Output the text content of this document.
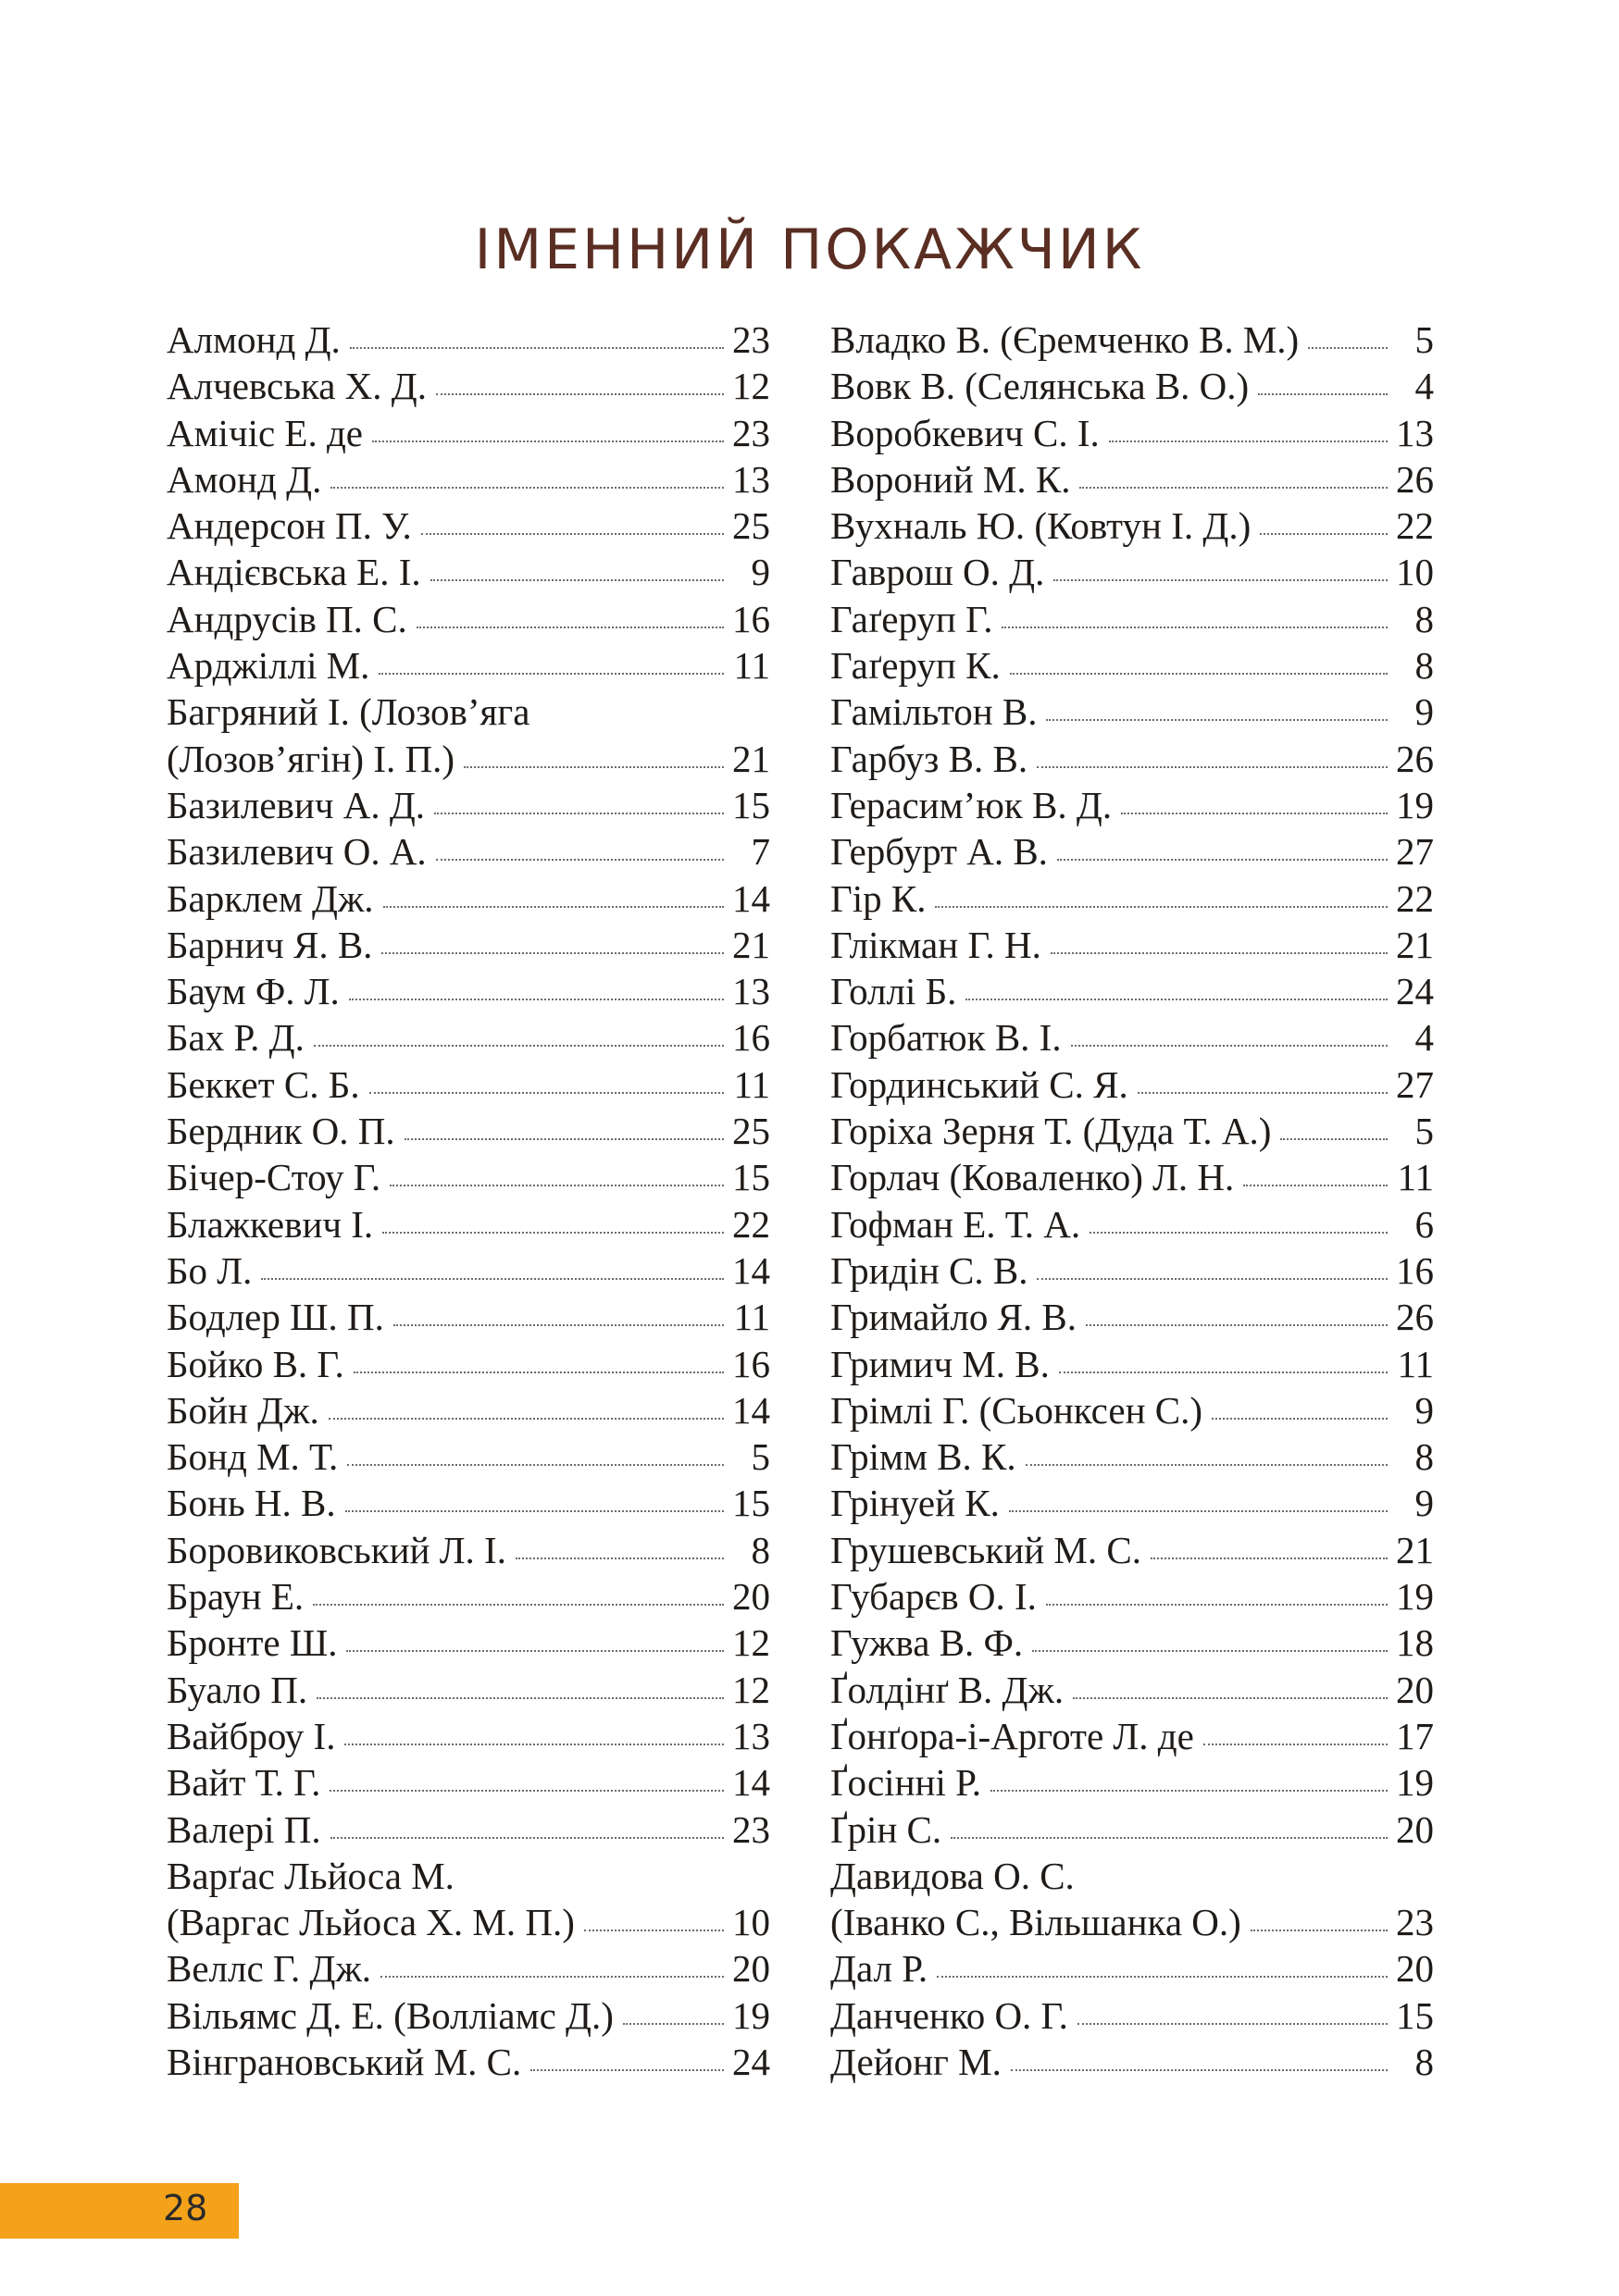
ІМЕННИЙ ПОКАЖЧИК
Алмонд Д.	23
Алчевська Х. Д.	12
Амічіс Е. де	23
Амонд Д.	13
Андерсон П. У.	25
Андієвська Е. І.	9
Андрусів П. С.	16
Арджіллі М.	11
Багряний І. (Лозов’яга
(Лозов’ягін) І. П.)	21
Базилевич А. Д.	15
Базилевич О. А.	7
Барклем Дж.	14
Барнич Я. В.	21
Баум Ф. Л.	13
Бах Р. Д.	16
Беккет С. Б.	11
Бердник О. П.	25
Бічер-Стоу Г.	15
Блажкевич І.	22
Бо Л.	14
Бодлер Ш. П.	11
Бойко В. Г.	16
Бойн Дж.	14
Бонд М. Т.	5
Бонь Н. В.	15
Боровиковський Л. І.	8
Браун Е.	20
Бронте Ш.	12
Буало П.	12
Вайброу І.	13
Вайт Т. Г.	14
Валері П.	23
Варґас Льйоса М.
(Варгас Льйоса Х. М. П.)	10
Веллс Г. Дж.	20
Вільямс Д. Е. (Волліамс Д.)	19
Вінграновський М. С.	24
Владко В. (Єремченко В. М.)	5
Вовк В. (Селянська В. О.)	4
Воробкевич С. І.	13
Вороний М. К.	26
Вухналь Ю. (Ковтун І. Д.)	22
Гаврош О. Д.	10
Гаґеруп Г.	8
Гаґеруп К.	8
Гамільтон В.	9
Гарбуз В. В.	26
Герасим’юк В. Д.	19
Гербурт А. В.	27
Гір К.	22
Глікман Г. Н.	21
Голлі Б.	24
Горбатюк В. І.	4
Гординський С. Я.	27
Горіха Зерня Т. (Дуда Т. А.)	5
Горлач (Коваленко) Л. Н.	11
Гофман Е. Т. А.	6
Гридін С. В.	16
Гримайло Я. В.	26
Гримич М. В.	11
Грімлі Г. (Сьонксен С.)	9
Грімм В. К.	8
Грінуей К.	9
Грушевський М. С.	21
Губарєв О. І.	19
Гужва В. Ф.	18
Ґолдінґ В. Дж.	20
Ґонґора-і-Арготе Л. де	17
Ґосінні Р.	19
Ґрін С.	20
Давидова О. С.
(Іванко С., Вільшанка О.)	23
Дал Р.	20
Данченко О. Г.	15
Дейонг М.	8
28
